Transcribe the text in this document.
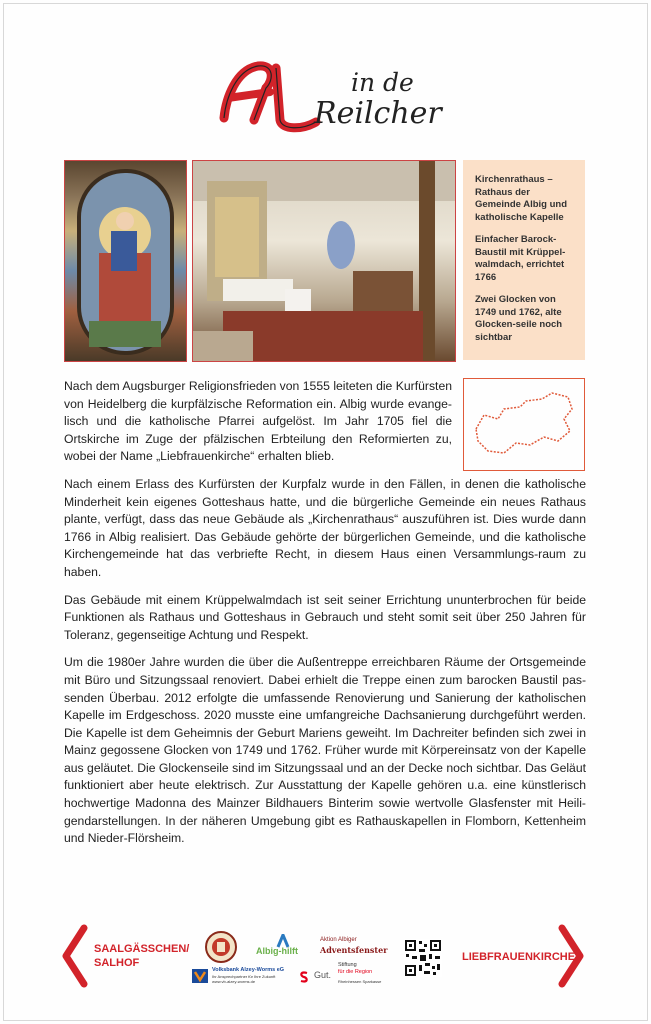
in de
Reilcher

Kirchenrathaus – Rathaus der Gemeinde Albig und katholische Kapelle

Einfacher Barock-Baustil mit Krüppel-walmdach, errichtet 1766

Zwei Glocken von 1749 und 1762, alte Glocken-seile noch sichtbar

Nach dem Augsburger Religionsfrieden von 1555 leiteten die Kurfürsten von Heidelberg die kurpfälzische Reformation ein. Albig wurde evange-lisch und die katholische Pfarrei aufgelöst. Im Jahr 1705 fiel die Ortskirche im Zuge der pfälzischen Erbteilung den Reformierten zu, wobei der Name „Liebfrauenkirche“ erhalten blieb.

Nach einem Erlass des Kurfürsten der Kurpfalz wurde in den Fällen, in denen die katholische Minderheit kein eigenes Gotteshaus hatte, und die bürgerliche Gemeinde ein neues Rathaus plante, verfügt, dass das neue Gebäude als „Kirchenrathaus“ auszuführen ist. Dies wurde dann 1766 in Albig realisiert. Das Gebäude gehörte der bürgerlichen Gemeinde, und die katholische Kirchengemeinde hat das verbriefte Recht, in diesem Haus einen Versammlungs-raum zu haben.

Das Gebäude mit einem Krüppelwalmdach ist seit seiner Errichtung ununterbrochen für beide Funktionen als Rathaus und Gotteshaus in Gebrauch und steht somit seit über 250 Jahren für Toleranz, gegenseitige Achtung und Respekt.

Um die 1980er Jahre wurden die über die Außentreppe erreichbaren Räume der Ortsgemeinde mit Büro und Sitzungssaal renoviert. Dabei erhielt die Treppe einen zum barocken Baustil pas-senden Überbau. 2012 erfolgte die umfassende Renovierung und Sanierung der katholischen Kapelle im Erdgeschoss. 2020 musste eine umfangreiche Dachsanierung durchgeführt werden. Die Kapelle ist dem Geheimnis der Geburt Mariens geweiht. Im Dachreiter befinden sich zwei in Mainz gegossene Glocken von 1749 und 1762. Früher wurde mit Körpereinsatz von der Kapelle aus geläutet. Die Glockenseile sind im Sitzungssaal und an der Decke noch sichtbar. Das Geläut funktioniert aber heute elektrisch. Zur Ausstattung der Kapelle gehören u.a. eine künstlerisch hochwertige Madonna des Mainzer Bildhauers Binterim sowie wertvolle Glasfenster mit Heili-gendarstellungen. In der näheren Umgebung gibt es Rathauskapellen in Flomborn, Kettenheim und Nieder-Flörsheim.

SAALGÄSSCHEN/
SALHOF	LIEBFRAUENKIRCHE
Albig-hilft
Aktion Albiger
Adventsfenster
Volksbank Alzey-Worms eG
Ihr Ansprechpartner für Ihre Zukunft
www.vb-alzey-worms.de
Gut.
Stiftung
für die Region
Rheinhessen Sparkasse
